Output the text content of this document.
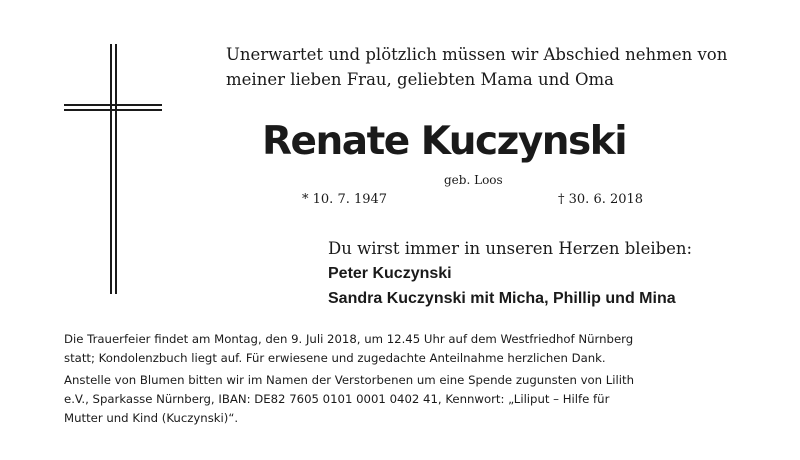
Unerwartet und plötzlich müssen wir Abschied nehmen von
meiner lieben Frau, geliebten Mama und Oma
Renate Kuczynski
geb. Loos
* 10. 7. 1947	† 30. 6. 2018
Du wirst immer in unseren Herzen bleiben:
Peter Kuczynski
Sandra Kuczynski mit Micha, Phillip und Mina
Die Trauerfeier findet am Montag, den 9. Juli 2018, um 12.45 Uhr auf dem Westfriedhof Nürnberg
statt; Kondolenzbuch liegt auf. Für erwiesene und zugedachte Anteilnahme herzlichen Dank.
Anstelle von Blumen bitten wir im Namen der Verstorbenen um eine Spende zugunsten von Lilith
e.V., Sparkasse Nürnberg, IBAN: DE82 7605 0101 0001 0402 41, Kennwort: „Liliput – Hilfe für
Mutter und Kind (Kuczynski)“.
